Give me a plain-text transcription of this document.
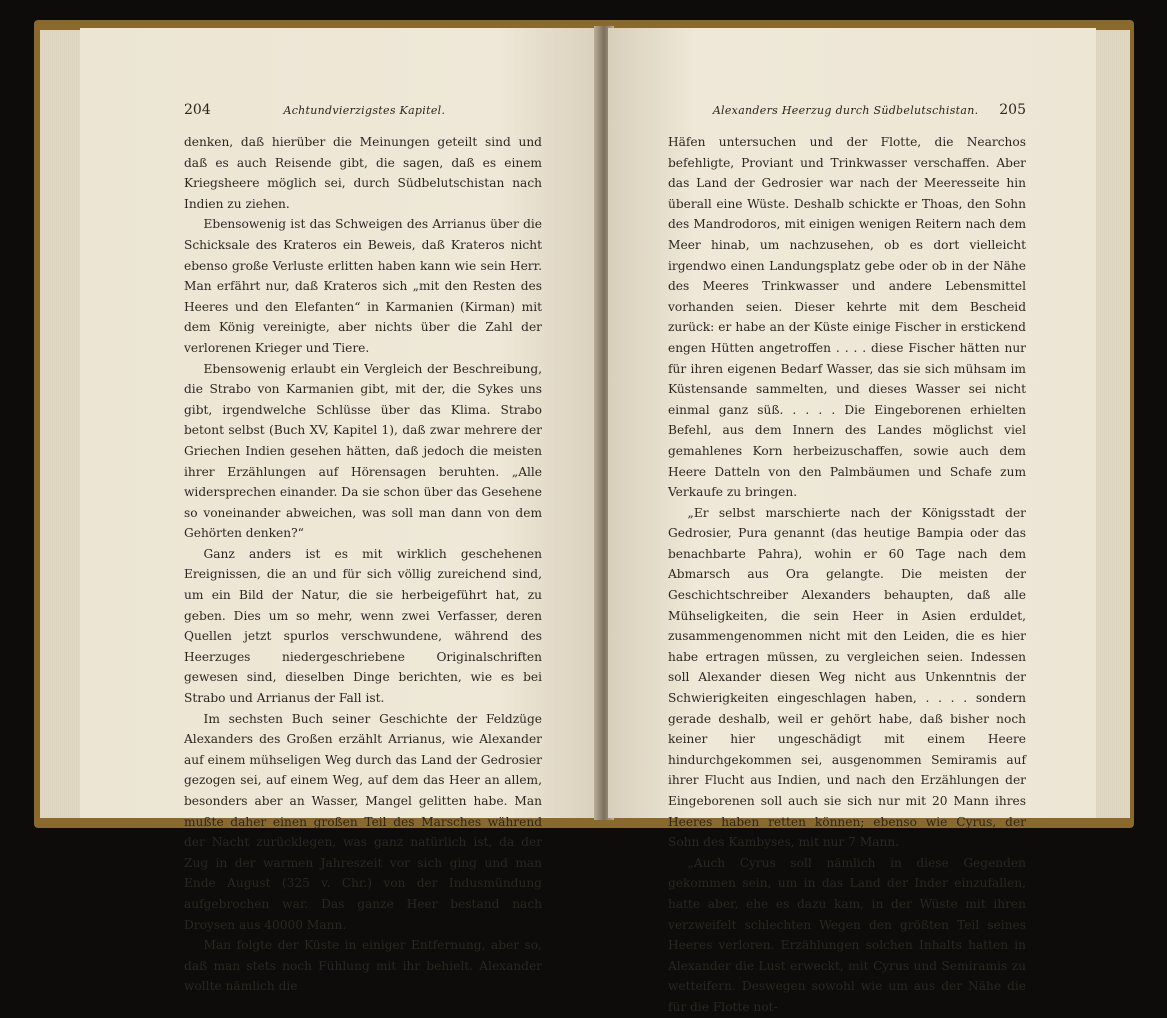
204	Achtundvierzigstes Kapitel.

denken, daß hierüber die Meinungen geteilt sind und daß es auch Reisende gibt, die sagen, daß es einem Kriegsheere möglich sei, durch Südbelutschistan nach Indien zu ziehen.

Ebensowenig ist das Schweigen des Arrianus über die Schicksale des Krateros ein Beweis, daß Krateros nicht ebenso große Verluste erlitten haben kann wie sein Herr. Man erfährt nur, daß Krateros sich „mit den Resten des Heeres und den Elefanten“ in Karmanien (Kirman) mit dem König vereinigte, aber nichts über die Zahl der verlorenen Krieger und Tiere.

Ebensowenig erlaubt ein Vergleich der Beschreibung, die Strabo von Karmanien gibt, mit der, die Sykes uns gibt, irgendwelche Schlüsse über das Klima. Strabo betont selbst (Buch XV, Kapitel 1), daß zwar mehrere der Griechen Indien gesehen hätten, daß jedoch die meisten ihrer Erzählungen auf Hörensagen beruhten. „Alle widersprechen einander. Da sie schon über das Gesehene so voneinander abweichen, was soll man dann von dem Gehörten denken?“

Ganz anders ist es mit wirklich geschehenen Ereignissen, die an und für sich völlig zureichend sind, um ein Bild der Natur, die sie herbeigeführt hat, zu geben. Dies um so mehr, wenn zwei Verfasser, deren Quellen jetzt spurlos verschwundene, während des Heerzuges niedergeschriebene Originalschriften gewesen sind, dieselben Dinge berichten, wie es bei Strabo und Arrianus der Fall ist.

Im sechsten Buch seiner Geschichte der Feldzüge Alexanders des Großen erzählt Arrianus, wie Alexander auf einem mühseligen Weg durch das Land der Gedrosier gezogen sei, auf einem Weg, auf dem das Heer an allem, besonders aber an Wasser, Mangel gelitten habe. Man mußte daher einen großen Teil des Marsches während der Nacht zurücklegen, was ganz natürlich ist, da der Zug in der warmen Jahreszeit vor sich ging und man Ende August (325 v. Chr.) von der Indusmündung aufgebrochen war. Das ganze Heer bestand nach Droysen aus 40000 Mann.

Man folgte der Küste in einiger Entfernung, aber so, daß man stets noch Fühlung mit ihr behielt. Alexander wollte nämlich die

Alexanders Heerzug durch Südbelutschistan. 205

Häfen untersuchen und der Flotte, die Nearchos befehligte, Proviant und Trinkwasser verschaffen. Aber das Land der Gedrosier war nach der Meeresseite hin überall eine Wüste. Deshalb schickte er Thoas, den Sohn des Mandrodoros, mit einigen wenigen Reitern nach dem Meer hinab, um nachzusehen, ob es dort vielleicht irgendwo einen Landungsplatz gebe oder ob in der Nähe des Meeres Trinkwasser und andere Lebensmittel vorhanden seien. Dieser kehrte mit dem Bescheid zurück: er habe an der Küste einige Fischer in erstickend engen Hütten angetroffen . . . . diese Fischer hätten nur für ihren eigenen Bedarf Wasser, das sie sich mühsam im Küstensande sammelten, und dieses Wasser sei nicht einmal ganz süß. . . . . Die Eingeborenen erhielten Befehl, aus dem Innern des Landes möglichst viel gemahlenes Korn herbeizuschaffen, sowie auch dem Heere Datteln von den Palmbäumen und Schafe zum Verkaufe zu bringen.

„Er selbst marschierte nach der Königsstadt der Gedrosier, Pura genannt (das heutige Bampia oder das benachbarte Pahra), wohin er 60 Tage nach dem Abmarsch aus Ora gelangte. Die meisten der Geschichtschreiber Alexanders behaupten, daß alle Mühseligkeiten, die sein Heer in Asien erduldet, zusammengenommen nicht mit den Leiden, die es hier habe ertragen müssen, zu vergleichen seien. Indessen soll Alexander diesen Weg nicht aus Unkenntnis der Schwierigkeiten eingeschlagen haben, . . . . sondern gerade deshalb, weil er gehört habe, daß bisher noch keiner hier ungeschädigt mit einem Heere hindurchgekommen sei, ausgenommen Semiramis auf ihrer Flucht aus Indien, und nach den Erzählungen der Eingeborenen soll auch sie sich nur mit 20 Mann ihres Heeres haben retten können; ebenso wie Cyrus, der Sohn des Kambyses, mit nur 7 Mann.

„Auch Cyrus soll nämlich in diese Gegenden gekommen sein, um in das Land der Inder einzufallen, hatte aber, ehe es dazu kam, in der Wüste mit ihren verzweifelt schlechten Wegen den größten Teil seines Heeres verloren. Erzählungen solchen Inhalts hatten in Alexander die Lust erweckt, mit Cyrus und Semiramis zu wetteifern. Deswegen sowohl wie um aus der Nähe die für die Flotte not-
